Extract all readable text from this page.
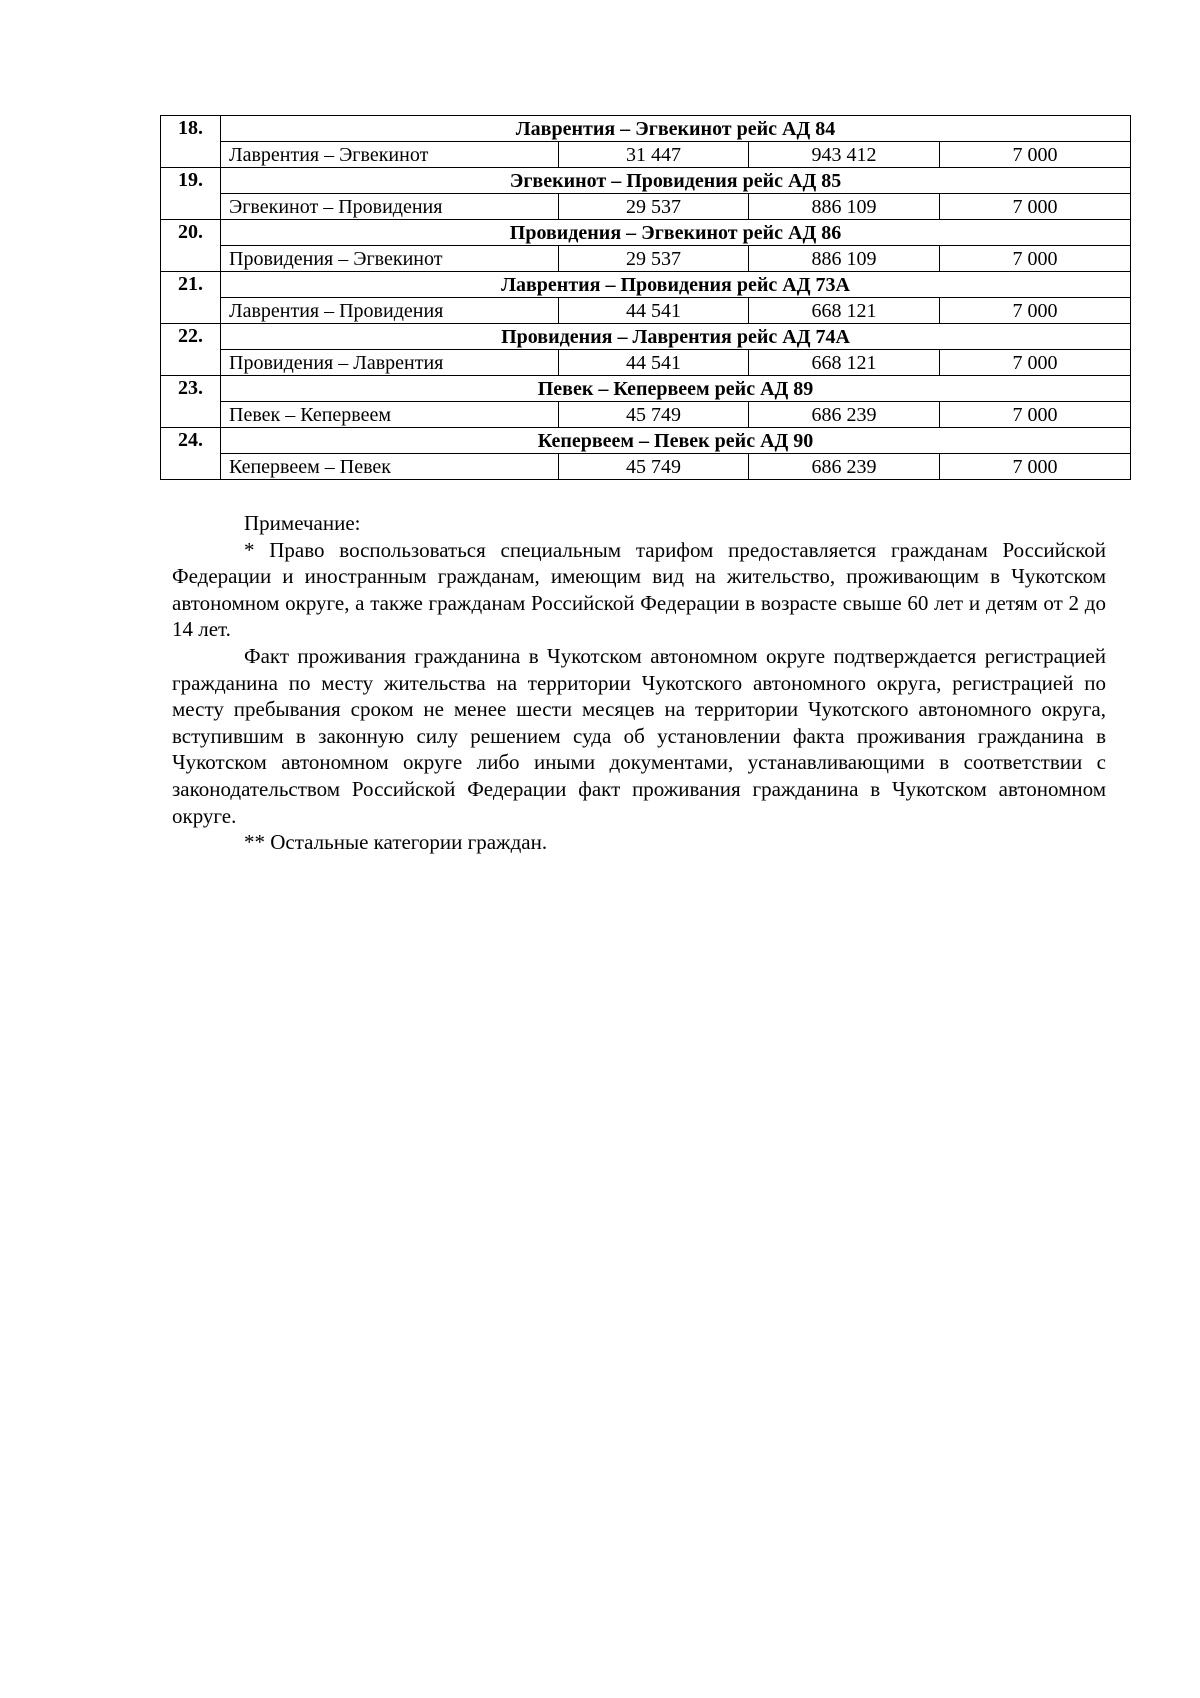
18.	Лаврентия – Эгвекинот рейс АД 84			
	Лаврентия – Эгвекинот	31 447	943 412	7 000
19.	Эгвекинот – Провидения рейс АД 85			
	Эгвекинот – Провидения	29 537	886 109	7 000
20.	Провидения – Эгвекинот рейс АД 86			
	Провидения – Эгвекинот	29 537	886 109	7 000
21.	Лаврентия – Провидения рейс АД 73А			
	Лаврентия – Провидения	44 541	668 121	7 000
22.	Провидения – Лаврентия рейс АД 74А			
	Провидения – Лаврентия	44 541	668 121	7 000
23.	Певек – Кепервеем рейс АД 89			
	Певек – Кепервеем	45 749	686 239	7 000
24.	Кепервеем – Певек рейс АД 90			
	Кепервеем – Певек	45 749	686 239	7 000

Примечание:

* Право воспользоваться специальным тарифом предоставляется гражданам Российской Федерации и иностранным гражданам, имеющим вид на жительство, проживающим в Чукотском автономном округе, а также гражданам Российской Федерации в возрасте свыше 60 лет и детям от 2 до 14 лет.

Факт проживания гражданина в Чукотском автономном округе подтверждается регистрацией гражданина по месту жительства на территории Чукотского автономного округа, регистрацией по месту пребывания сроком не менее шести месяцев на территории Чукотского автономного округа, вступившим в законную силу решением суда об установлении факта проживания гражданина в Чукотском автономном округе либо иными документами, устанавливающими в соответствии с законодательством Российской Федерации факт проживания гражданина в Чукотском автономном округе.

** Остальные категории граждан.
